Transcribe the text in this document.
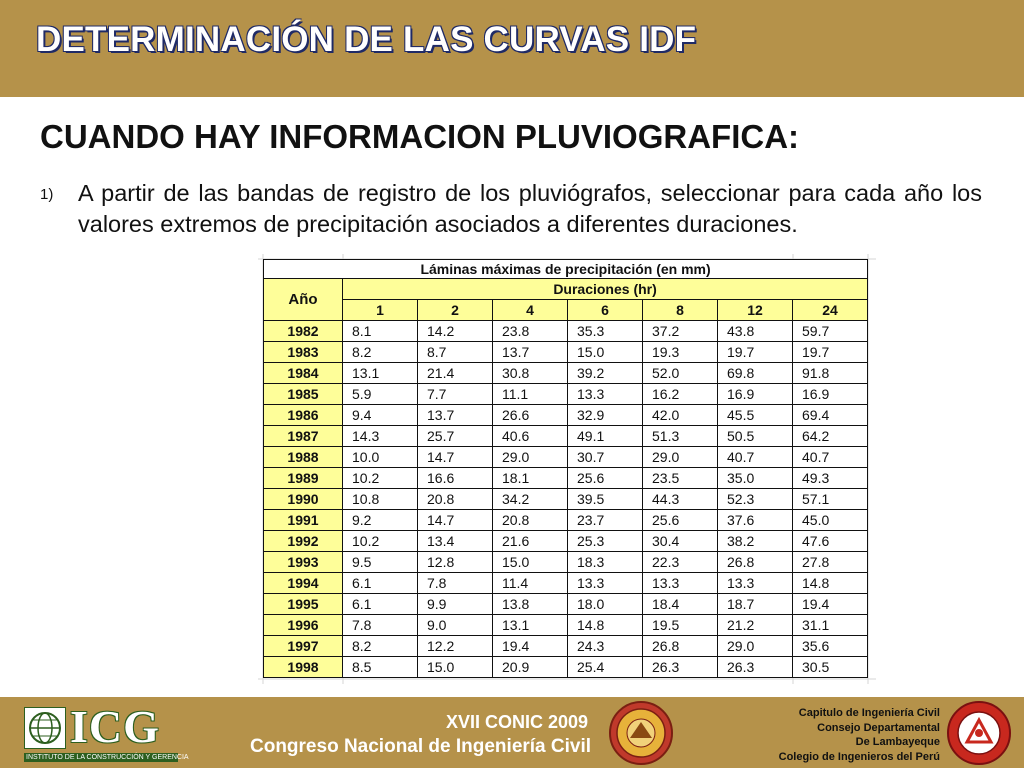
DETERMINACIÓN DE LAS CURVAS IDF
CUANDO HAY INFORMACION PLUVIOGRAFICA:
1) A partir de las bandas de registro de los pluviógrafos, seleccionar para cada año los valores extremos de precipitación asociados a diferentes duraciones.
Láminas máximas de precipitación (en mm)							
Año	Duraciones (hr)						
	1	2	4	6	8	12	24
1982	8.1	14.2	23.8	35.3	37.2	43.8	59.7
1983	8.2	8.7	13.7	15.0	19.3	19.7	19.7
1984	13.1	21.4	30.8	39.2	52.0	69.8	91.8
1985	5.9	7.7	11.1	13.3	16.2	16.9	16.9
1986	9.4	13.7	26.6	32.9	42.0	45.5	69.4
1987	14.3	25.7	40.6	49.1	51.3	50.5	64.2
1988	10.0	14.7	29.0	30.7	29.0	40.7	40.7
1989	10.2	16.6	18.1	25.6	23.5	35.0	49.3
1990	10.8	20.8	34.2	39.5	44.3	52.3	57.1
1991	9.2	14.7	20.8	23.7	25.6	37.6	45.0
1992	10.2	13.4	21.6	25.3	30.4	38.2	47.6
1993	9.5	12.8	15.0	18.3	22.3	26.8	27.8
1994	6.1	7.8	11.4	13.3	13.3	13.3	14.8
1995	6.1	9.9	13.8	18.0	18.4	18.7	19.4
1996	7.8	9.0	13.1	14.8	19.5	21.2	31.1
1997	8.2	12.2	19.4	24.3	26.8	29.0	35.6
1998	8.5	15.0	20.9	25.4	26.3	26.3	30.5
ICG
INSTITUTO DE LA CONSTRUCCIÓN Y GERENCIA
XVII CONIC 2009
Congreso Nacional de Ingeniería Civil
Capitulo de Ingeniería Civil
Consejo Departamental
De Lambayeque
Colegio de Ingenieros del Perú
